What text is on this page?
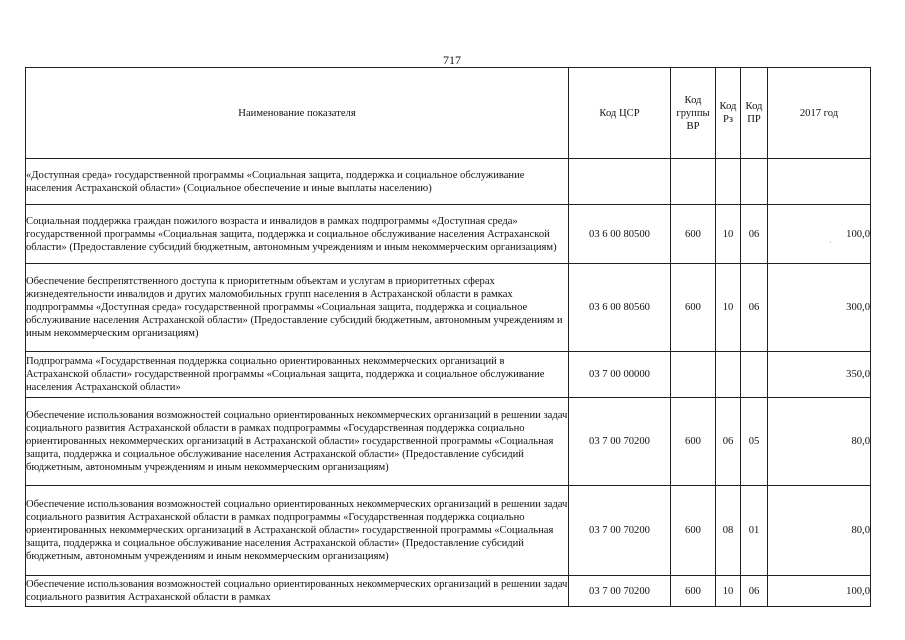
717
Наименование показателя	Код ЦСР	Код группы ВР	Код Рз	Код ПР	2017 год
«Доступная среда» государственной программы «Социальная защита, поддержка и социальное обслуживание населения Астраханской области» (Социальное обеспечение и иные выплаты населению)					
Социальная поддержка граждан пожилого возраста и инвалидов в рамках подпрограммы «Доступная среда» государственной программы «Социальная защита, поддержка и социальное обслуживание населения Астраханской области» (Предоставление субсидий бюджетным, автономным учреждениям и иным некоммерческим организациям)	03 6 00 80500	600	10	06	100,0
Обеспечение беспрепятственного доступа к приоритетным объектам и услугам в приоритетных сферах жизнедеятельности инвалидов и других маломобильных групп населения в Астраханской области в рамках подпрограммы «Доступная среда» государственной программы «Социальная защита, поддержка и социальное обслуживание населения Астраханской области» (Предоставление субсидий бюджетным, автономным учреждениям и иным некоммерческим организациям)	03 6 00 80560	600	10	06	300,0
Подпрограмма «Государственная поддержка социально ориентированных некоммерческих организаций в Астраханской области» государственной программы «Социальная защита, поддержка и социальное обслуживание населения Астраханской области»	03 7 00 00000				350,0
Обеспечение использования возможностей социально ориентированных некоммерческих организаций в решении задач социального развития Астраханской области в рамках подпрограммы «Государственная поддержка социально ориентированных некоммерческих организаций в Астраханской области» государственной программы «Социальная защита, поддержка и социальное обслуживание населения Астраханской области» (Предоставление субсидий бюджетным, автономным учреждениям и иным некоммерческим организациям)	03 7 00 70200	600	06	05	80,0
Обеспечение использования возможностей социально ориентированных некоммерческих организаций в решении задач социального развития Астраханской области в рамках подпрограммы «Государственная поддержка социально ориентированных некоммерческих организаций в Астраханской области» государственной программы «Социальная защита, поддержка и социальное обслуживание населения Астраханской области» (Предоставление субсидий бюджетным, автономным учреждениям и иным некоммерческим организациям)	03 7 00 70200	600	08	01	80,0
Обеспечение использования возможностей социально ориентированных некоммерческих организаций в решении задач социального развития Астраханской области в рамках	03 7 00 70200	600	10	06	100,0
·
